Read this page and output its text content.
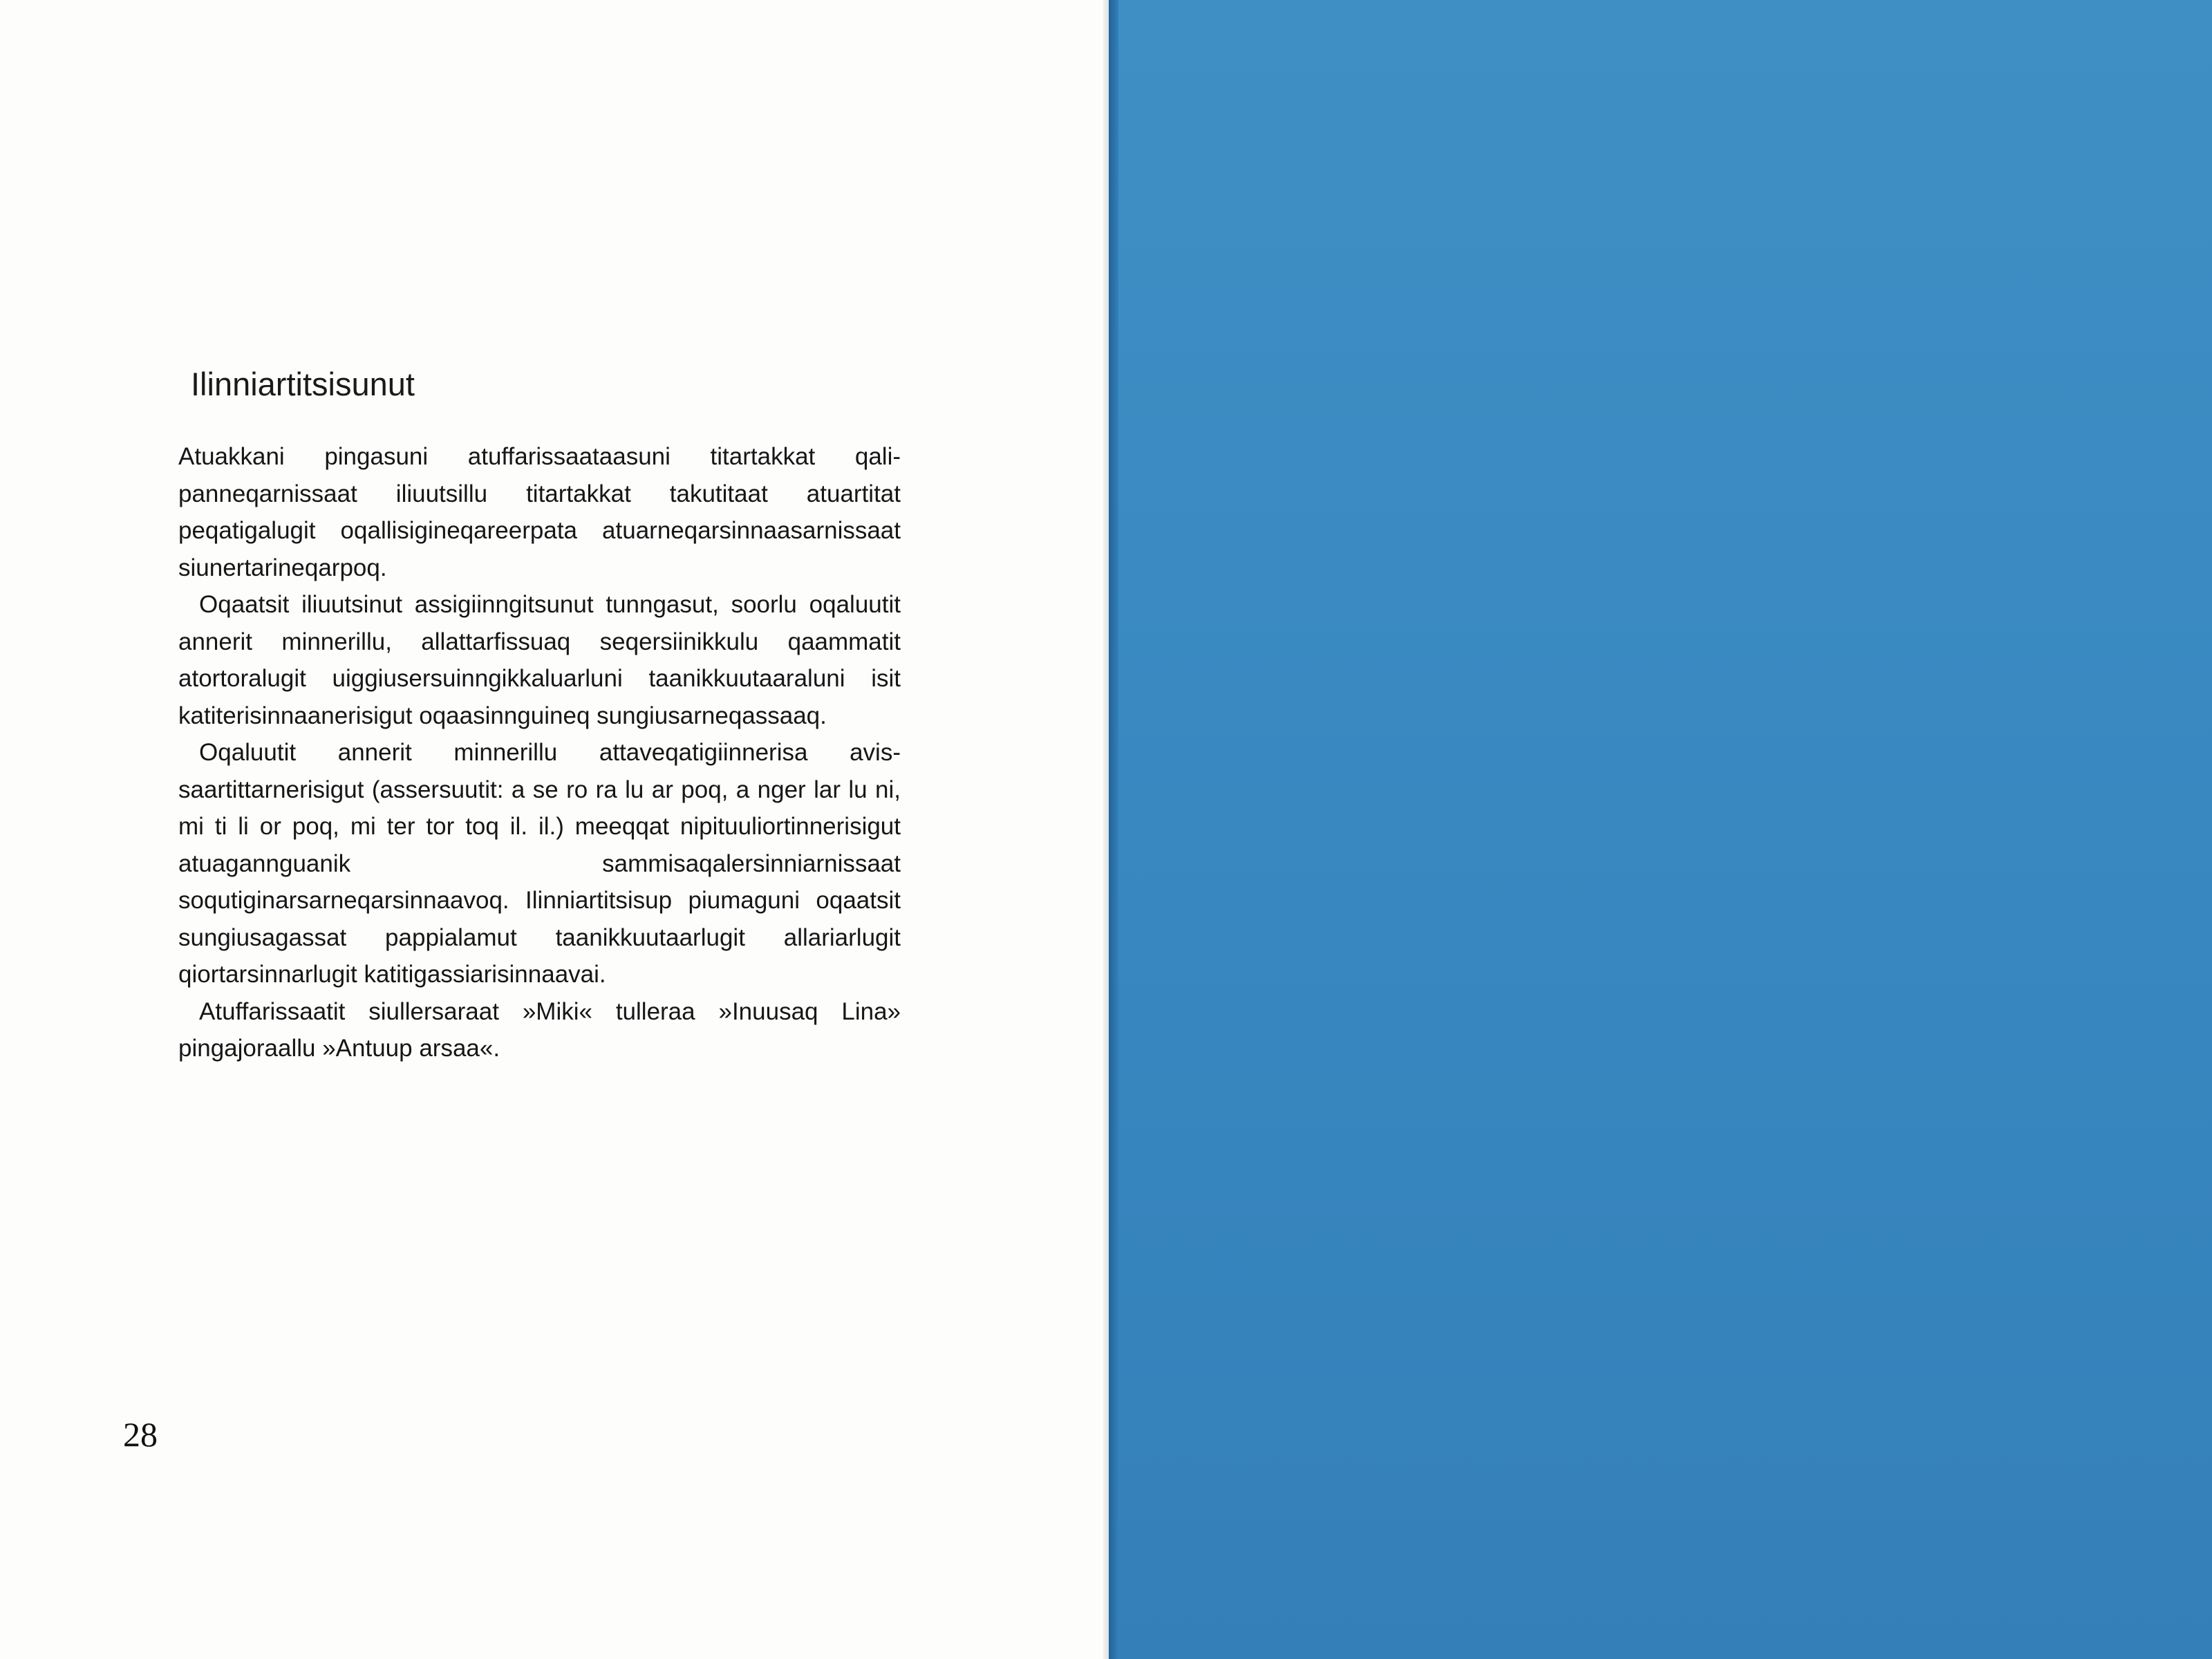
Ilinniartitsisunut

Atuakkani pingasuni atuffarissaataasuni titartakkat qalipanneqarnissaat iliuutsillu titartakkat takutitaat atuartitat peqatigalugit oqallisigineqareerpata atuarneqarsinnaasarnissaat siunertarineqarpoq.

Oqaatsit iliuutsinut assigiinngitsunut tunngasut, soorlu oqaluutit annerit minnerillu, allattarfissuaq seqersiinikkulu qaammatit atortoralugit uiggiusersuinngikkaluarluni taanikkuutaaraluni isit katiterisinnaanerisigut oqaasinnguineq sungiusarneqassaaq.

Oqaluutit annerit minnerillu attaveqatigiinnerisa avissaartittarnerisigut (assersuutit: a se ro ra lu ar poq, a nger lar lu ni, mi ti li or poq, mi ter tor toq il. il.) meeqqat nipituuliortinnerisigut atuagannguanik sammisaqalersinniarnissaat soqutiginarsarneqarsinnaavoq. Ilinniartitsisup piumaguni oqaatsit sungiusagassat pappialamut taanikkuutaarlugit allariarlugit qiortarsinnarlugit katitigassiarisinnaavai.

Atuffarissaatit siullersaraat »Miki« tulleraa »Inuusaq Lina» pingajoraallu »Antuup arsaa«.

28
